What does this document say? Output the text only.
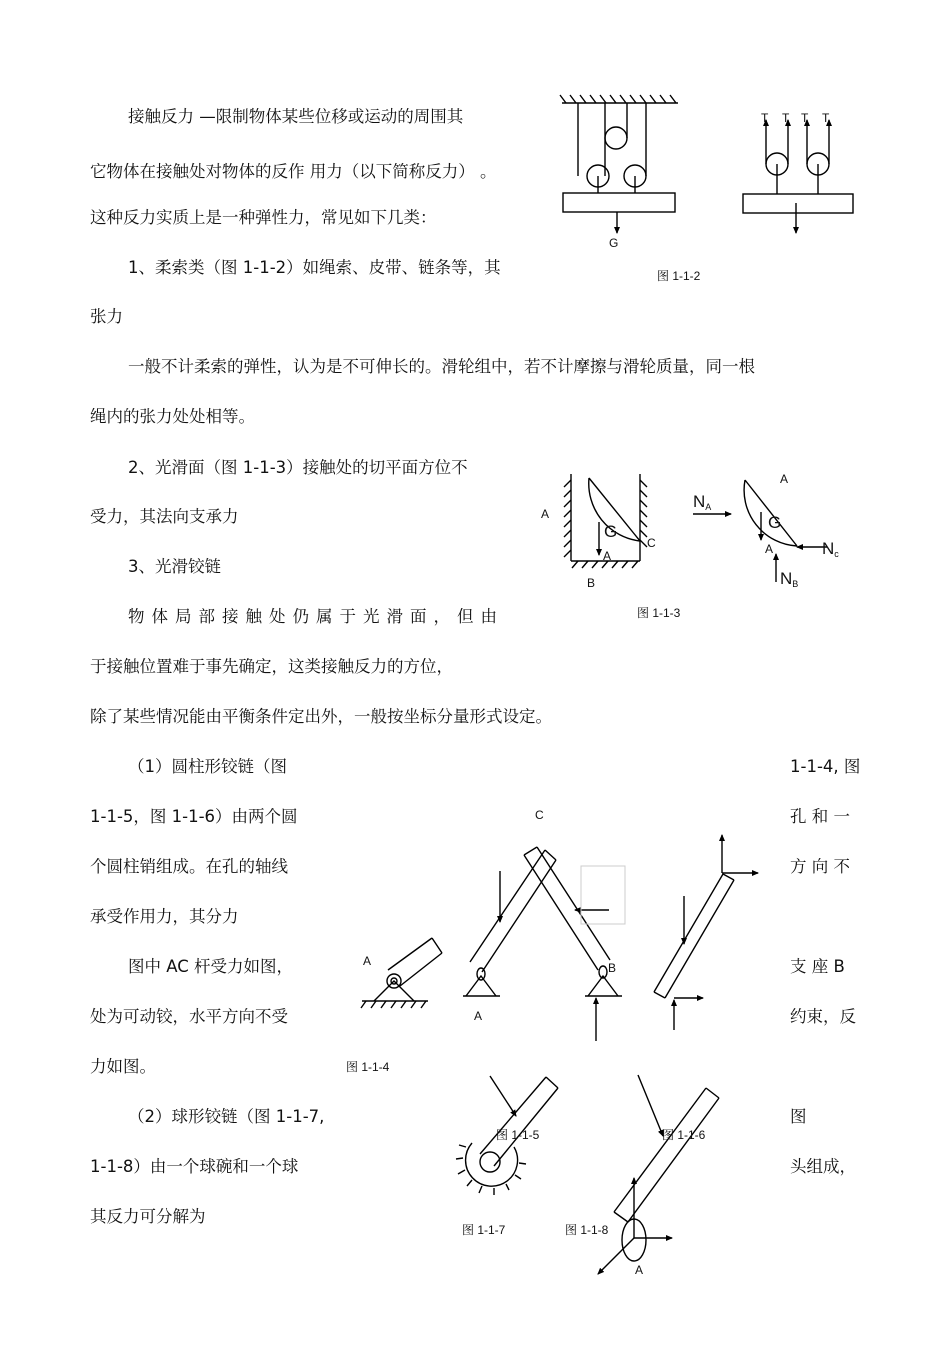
接触反力 —限制物体某些位移或运动的周围其
它物体在接触处对物体的反作 用力（以下简称反力） 。
这种反力实质上是一种弹性力，常见如下几类：
1、柔索类（图 1-1-2）如绳索、皮带、链条等，其
张力
一般不计柔索的弹性，认为是不可伸长的。滑轮组中，若不计摩擦与滑轮质量，同一根
绳内的张力处处相等。
2、光滑面（图 1-1-3）接触处的切平面方位不
受力，其法向支承力
3、光滑铰链
物体局部接触处仍属于光滑面，但由
于接触位置难于事先确定，这类接触反力的方位，
除了某些情况能由平衡条件定出外，一般按坐标分量形式设定。
（1）圆柱形铰链（图	1-1-4, 图
1-1-5，图 1-1-6）由两个圆	孔 和 一
个圆柱销组成。在孔的轴线	方 向 不
承受作用力，其分力
图中 AC 杆受力如图，	支 座 B
处为可动铰，水平方向不受	约束，反
力如图。
（2）球形铰链（图 1-1-7,	图
1-1-8）由一个球碗和一个球	头组成，
其反力可分解为
G
T T T T
图 1-1-2
A
G
A
C
B
A
G
A
$N_A$
$N_c$
$N_B$
图 1-1-3
C
A	B
A
图 1-1-4
图 1-1-5	图 1-1-6
图 1-1-7	图 1-1-8
A
